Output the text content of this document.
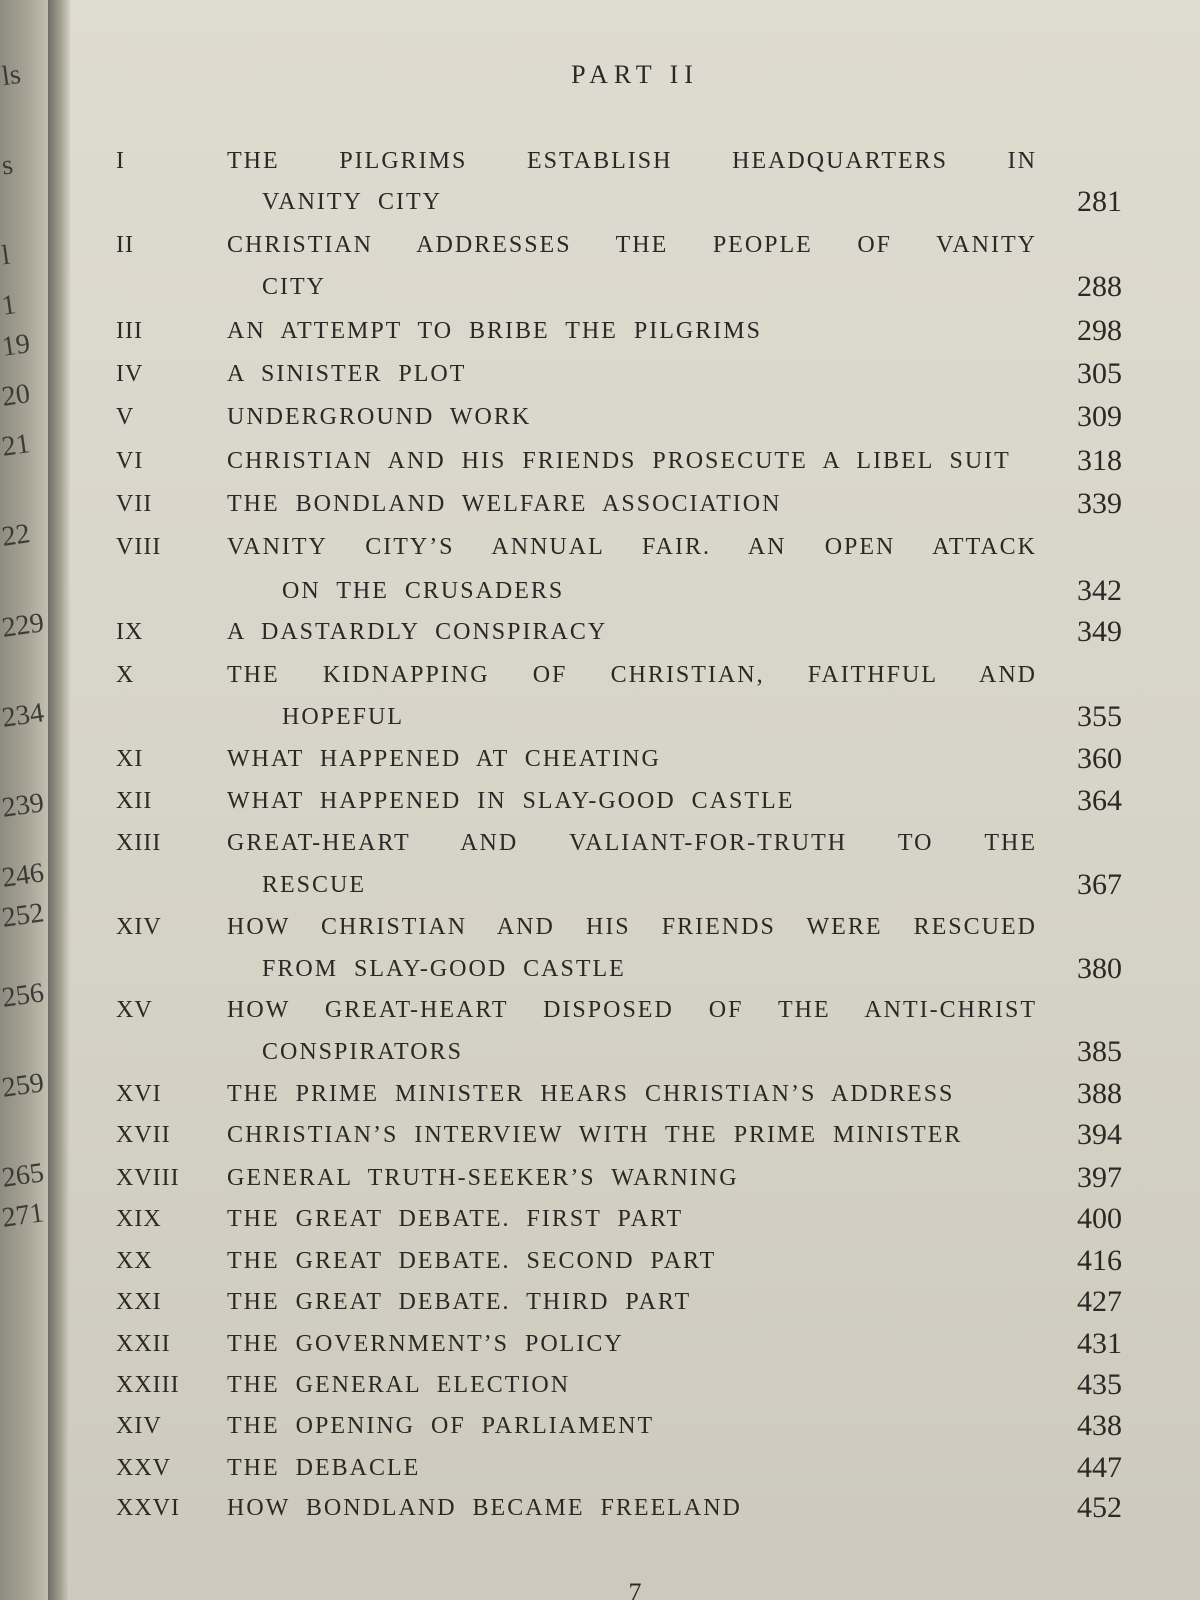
ls
s
l
1
19
20
21
22
229
234
239
246
252
256
259
265
271
PART II
I	THE PILGRIMS ESTABLISH HEADQUARTERS IN
VANITY CITY	281
II	CHRISTIAN ADDRESSES THE PEOPLE OF VANITY
CITY	288
III	AN ATTEMPT TO BRIBE THE PILGRIMS	298
IV	A SINISTER PLOT	305
V	UNDERGROUND WORK	309
VI	CHRISTIAN AND HIS FRIENDS PROSECUTE A LIBEL SUIT 318
VII	THE BONDLAND WELFARE ASSOCIATION	339
VIII	VANITY CITY’S ANNUAL FAIR. AN OPEN ATTACK
ON THE CRUSADERS	342
IX	A DASTARDLY CONSPIRACY	349
X	THE KIDNAPPING OF CHRISTIAN, FAITHFUL AND
HOPEFUL	355
XI	WHAT HAPPENED AT CHEATING	360
XII	WHAT HAPPENED IN SLAY-GOOD CASTLE	364
XIII	GREAT-HEART AND VALIANT-FOR-TRUTH TO THE
RESCUE	367
XIV	HOW CHRISTIAN AND HIS FRIENDS WERE RESCUED
FROM SLAY-GOOD CASTLE	380
XV	HOW GREAT-HEART DISPOSED OF THE ANTI-CHRIST
CONSPIRATORS	385
XVI	THE PRIME MINISTER HEARS CHRISTIAN’S ADDRESS	388
XVII CHRISTIAN’S INTERVIEW WITH THE PRIME MINISTER	394
XVIII GENERAL TRUTH-SEEKER’S WARNING	397
XIX	THE GREAT DEBATE. FIRST PART	400
XX	THE GREAT DEBATE. SECOND PART	416
XXI	THE GREAT DEBATE. THIRD PART	427
XXII THE GOVERNMENT’S POLICY	431
XXIII THE GENERAL ELECTION	435
XIV	THE OPENING OF PARLIAMENT	438
XXV THE DEBACLE	447
XXVI HOW BONDLAND BECAME FREELAND	452
7
